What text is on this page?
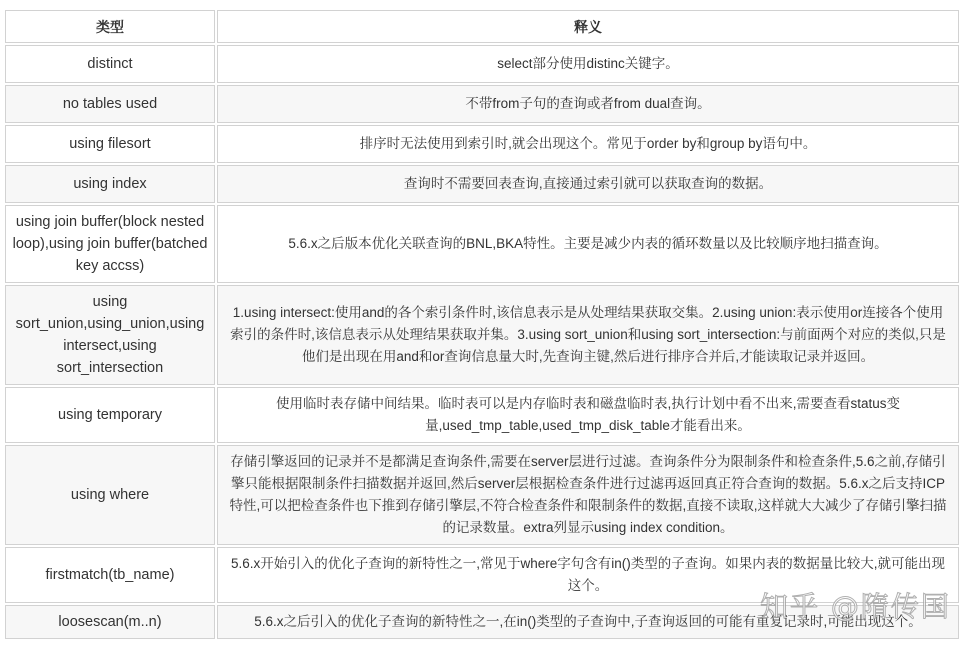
类型	释义
distinct	select部分使用distinc关键字。
no tables used	不带from子句的查询或者from dual查询。
using filesort	排序时无法使用到索引时,就会出现这个。常见于order by和group by语句中。
using index	查询时不需要回表查询,直接通过索引就可以获取查询的数据。
using join buffer(block nested loop),using join buffer(batched key accss)	5.6.x之后版本优化关联查询的BNL,BKA特性。主要是减少内表的循环数量以及比较顺序地扫描查询。
using sort_union,using_union,using intersect,using sort_intersection	1.using intersect:使用and的各个索引条件时,该信息表示是从处理结果获取交集。2.using union:表示使用or连接各个使用索引的条件时,该信息表示从处理结果获取并集。3.using sort_union和using sort_intersection:与前面两个对应的类似,只是他们是出现在用and和or查询信息量大时,先查询主键,然后进行排序合并后,才能读取记录并返回。
using temporary	使用临时表存储中间结果。临时表可以是内存临时表和磁盘临时表,执行计划中看不出来,需要查看status变量,used_tmp_table,used_tmp_disk_table才能看出来。
using where	存储引擎返回的记录并不是都满足查询条件,需要在server层进行过滤。查询条件分为限制条件和检查条件,5.6之前,存储引擎只能根据限制条件扫描数据并返回,然后server层根据检查条件进行过滤再返回真正符合查询的数据。5.6.x之后支持ICP特性,可以把检查条件也下推到存储引擎层,不符合检查条件和限制条件的数据,直接不读取,这样就大大减少了存储引擎扫描的记录数量。extra列显示using index condition。
firstmatch(tb_name)	5.6.x开始引入的优化子查询的新特性之一,常见于where字句含有in()类型的子查询。如果内表的数据量比较大,就可能出现这个。
loosescan(m..n)	5.6.x之后引入的优化子查询的新特性之一,在in()类型的子查询中,子查询返回的可能有重复记录时,可能出现这个。
知乎 @隋传国
